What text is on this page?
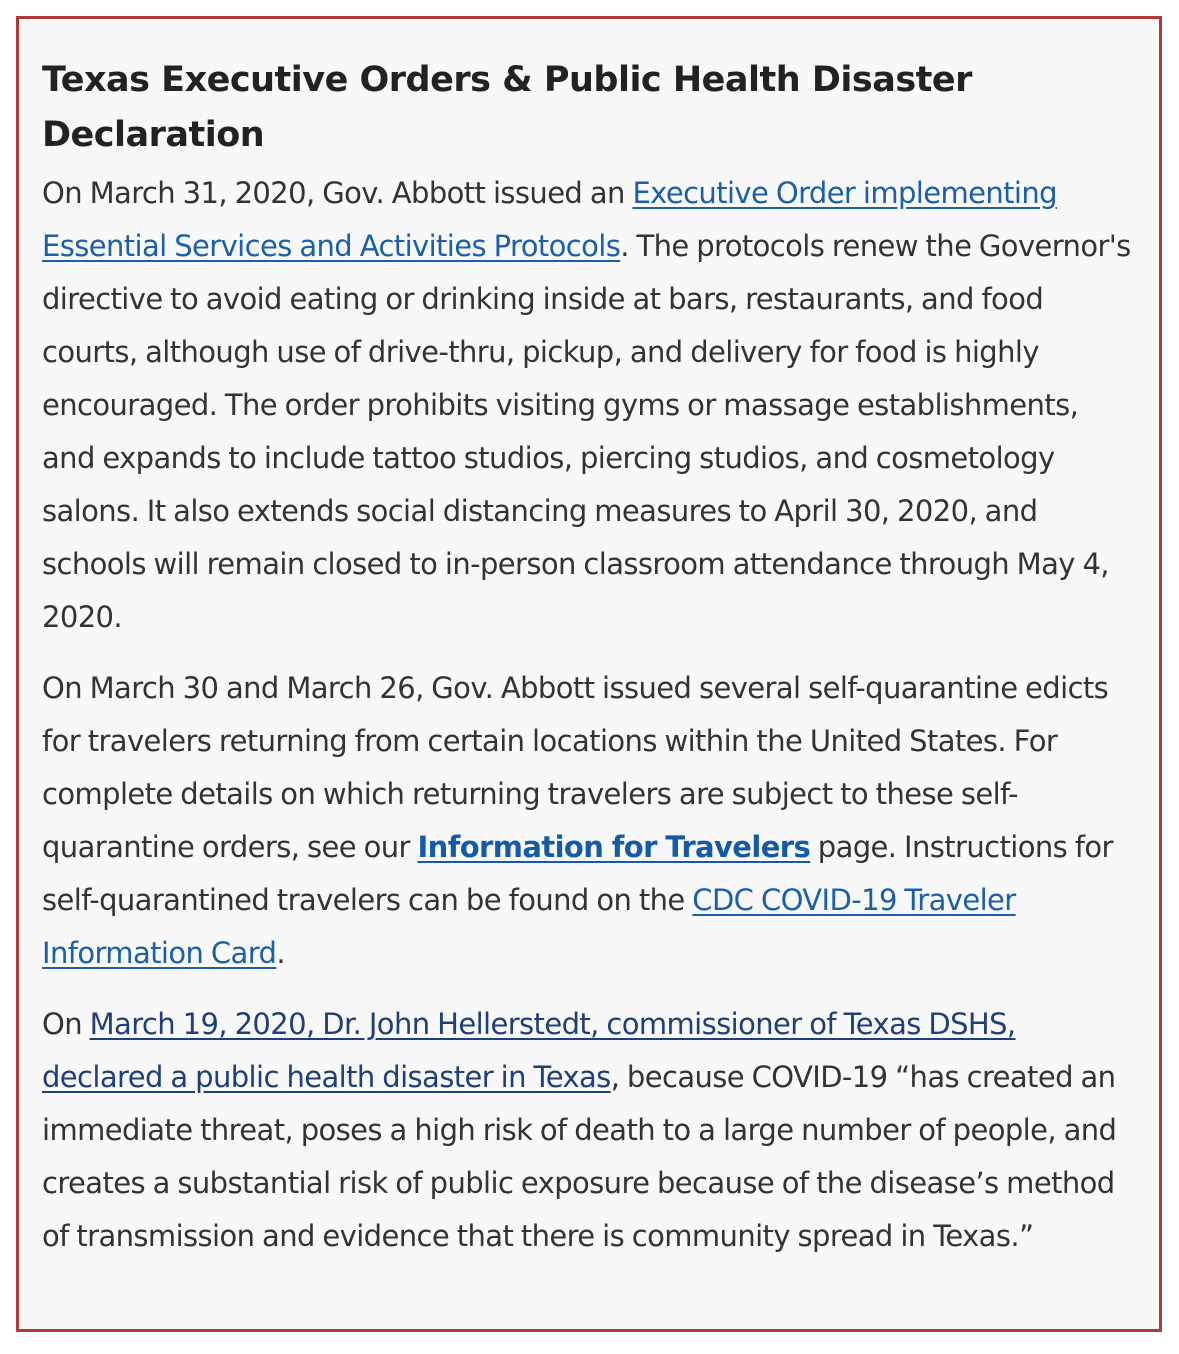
Texas Executive Orders & Public Health Disaster Declaration

On March 31, 2020, Gov. Abbott issued an Executive Order implementing Essential Services and Activities Protocols. The protocols renew the Governor's directive to avoid eating or drinking inside at bars, restaurants, and food courts, although use of drive-thru, pickup, and delivery for food is highly encouraged. The order prohibits visiting gyms or massage establishments, and expands to include tattoo studios, piercing studios, and cosmetology salons. It also extends social distancing measures to April 30, 2020, and schools will remain closed to in-person classroom attendance through May 4, 2020.

On March 30 and March 26, Gov. Abbott issued several self-quarantine edicts for travelers returning from certain locations within the United States. For complete details on which returning travelers are subject to these self-quarantine orders, see our Information for Travelers page. Instructions for self-quarantined travelers can be found on the CDC COVID-19 Traveler Information Card.

On March 19, 2020, Dr. John Hellerstedt, commissioner of Texas DSHS, declared a public health disaster in Texas, because COVID-19 “has created an immediate threat, poses a high risk of death to a large number of people, and creates a substantial risk of public exposure because of the disease’s method of transmission and evidence that there is community spread in Texas.”
